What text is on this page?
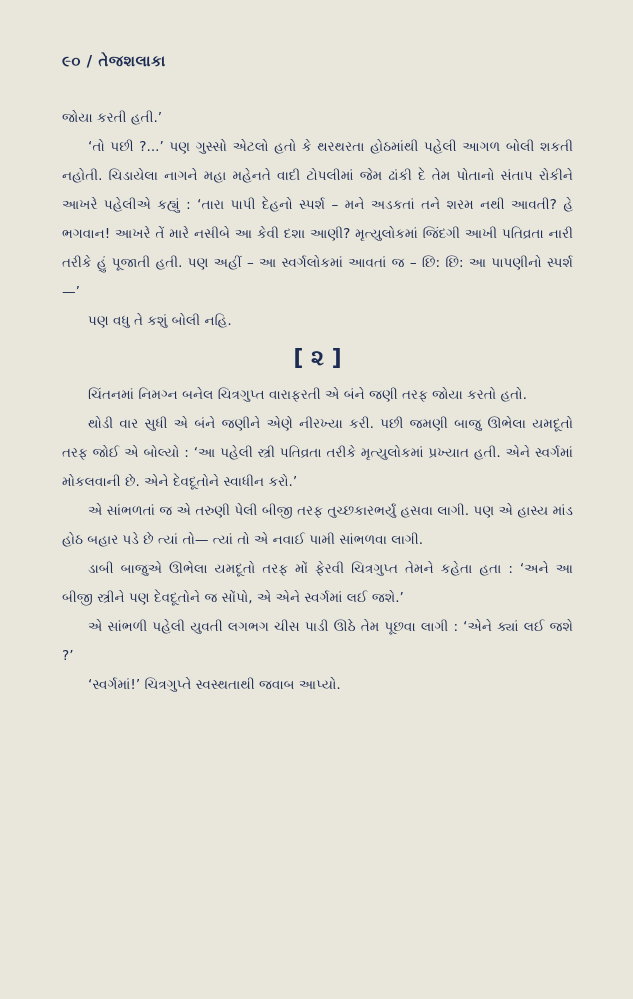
૯૦ / તેજશલાકા

જોયા કરતી હતી.’

‘તો પછી ?...’ પણ ગુસ્સો એટલો હતો કે થરથરતા હોઠમાંથી પહેલી આગળ બોલી શકતી નહોતી. ચિડાયેલા નાગને મહા મહેનતે વાદી ટોપલીમાં જેમ ઢાંકી દે તેમ પોતાનો સંતાપ રોકીને આખરે પહેલીએ કહ્યું : ‘તારા પાપી દેહનો સ્પર્શ – મને અડકતાં તને શરમ નથી આવતી? હે ભગવાન! આખરે તેં મારે નસીબે આ કેવી દશા આણી? મૃત્યુલોકમાં જિંદગી આખી પતિવ્રતા નારી તરીકે હું પૂજાતી હતી. પણ અહીં – આ સ્વર્ગલોકમાં આવતાં જ – છિ: છિ: આ પાપણીનો સ્પર્શ—’

પણ વધુ તે કશું બોલી નહિ.

[ ૨ ]

ચિંતનમાં નિમગ્ન બનેલ ચિત્રગુપ્ત વારાફરતી એ બંને જણી તરફ જોયા કરતો હતો.

થોડી વાર સુધી એ બંને જણીને એણે નીરખ્યા કરી. પછી જમણી બાજુ ઊભેલા યમદૂતો તરફ જોઈ એ બોલ્યો : ‘આ પહેલી સ્ત્રી પતિવ્રતા તરીકે મૃત્યુલોકમાં પ્રખ્યાત હતી. એને સ્વર્ગમાં મોકલવાની છે. એને દેવદૂતોને સ્વાધીન કરો.’

એ સાંભળતાં જ એ તરુણી પેલી બીજી તરફ તુચ્છકારભર્યું હસવા લાગી. પણ એ હાસ્ય માંડ હોઠ બહાર પડે છે ત્યાં તો— ત્યાં તો એ નવાઈ પામી સાંભળવા લાગી.

ડાબી બાજુએ ઊભેલા યમદૂતો તરફ મોં ફેરવી ચિત્રગુપ્ત તેમને કહેતા હતા : ‘અને આ બીજી સ્ત્રીને પણ દેવદૂતોને જ સોંપો, એ એને સ્વર્ગમાં લઈ જશે.’

એ સાંભળી પહેલી યુવતી લગભગ ચીસ પાડી ઊઠે તેમ પૂછવા લાગી : ‘એને ક્યાં લઈ જશે ?’

‘સ્વર્ગમાં!’ ચિત્રગુપ્તે સ્વસ્થતાથી જવાબ આપ્યો.
